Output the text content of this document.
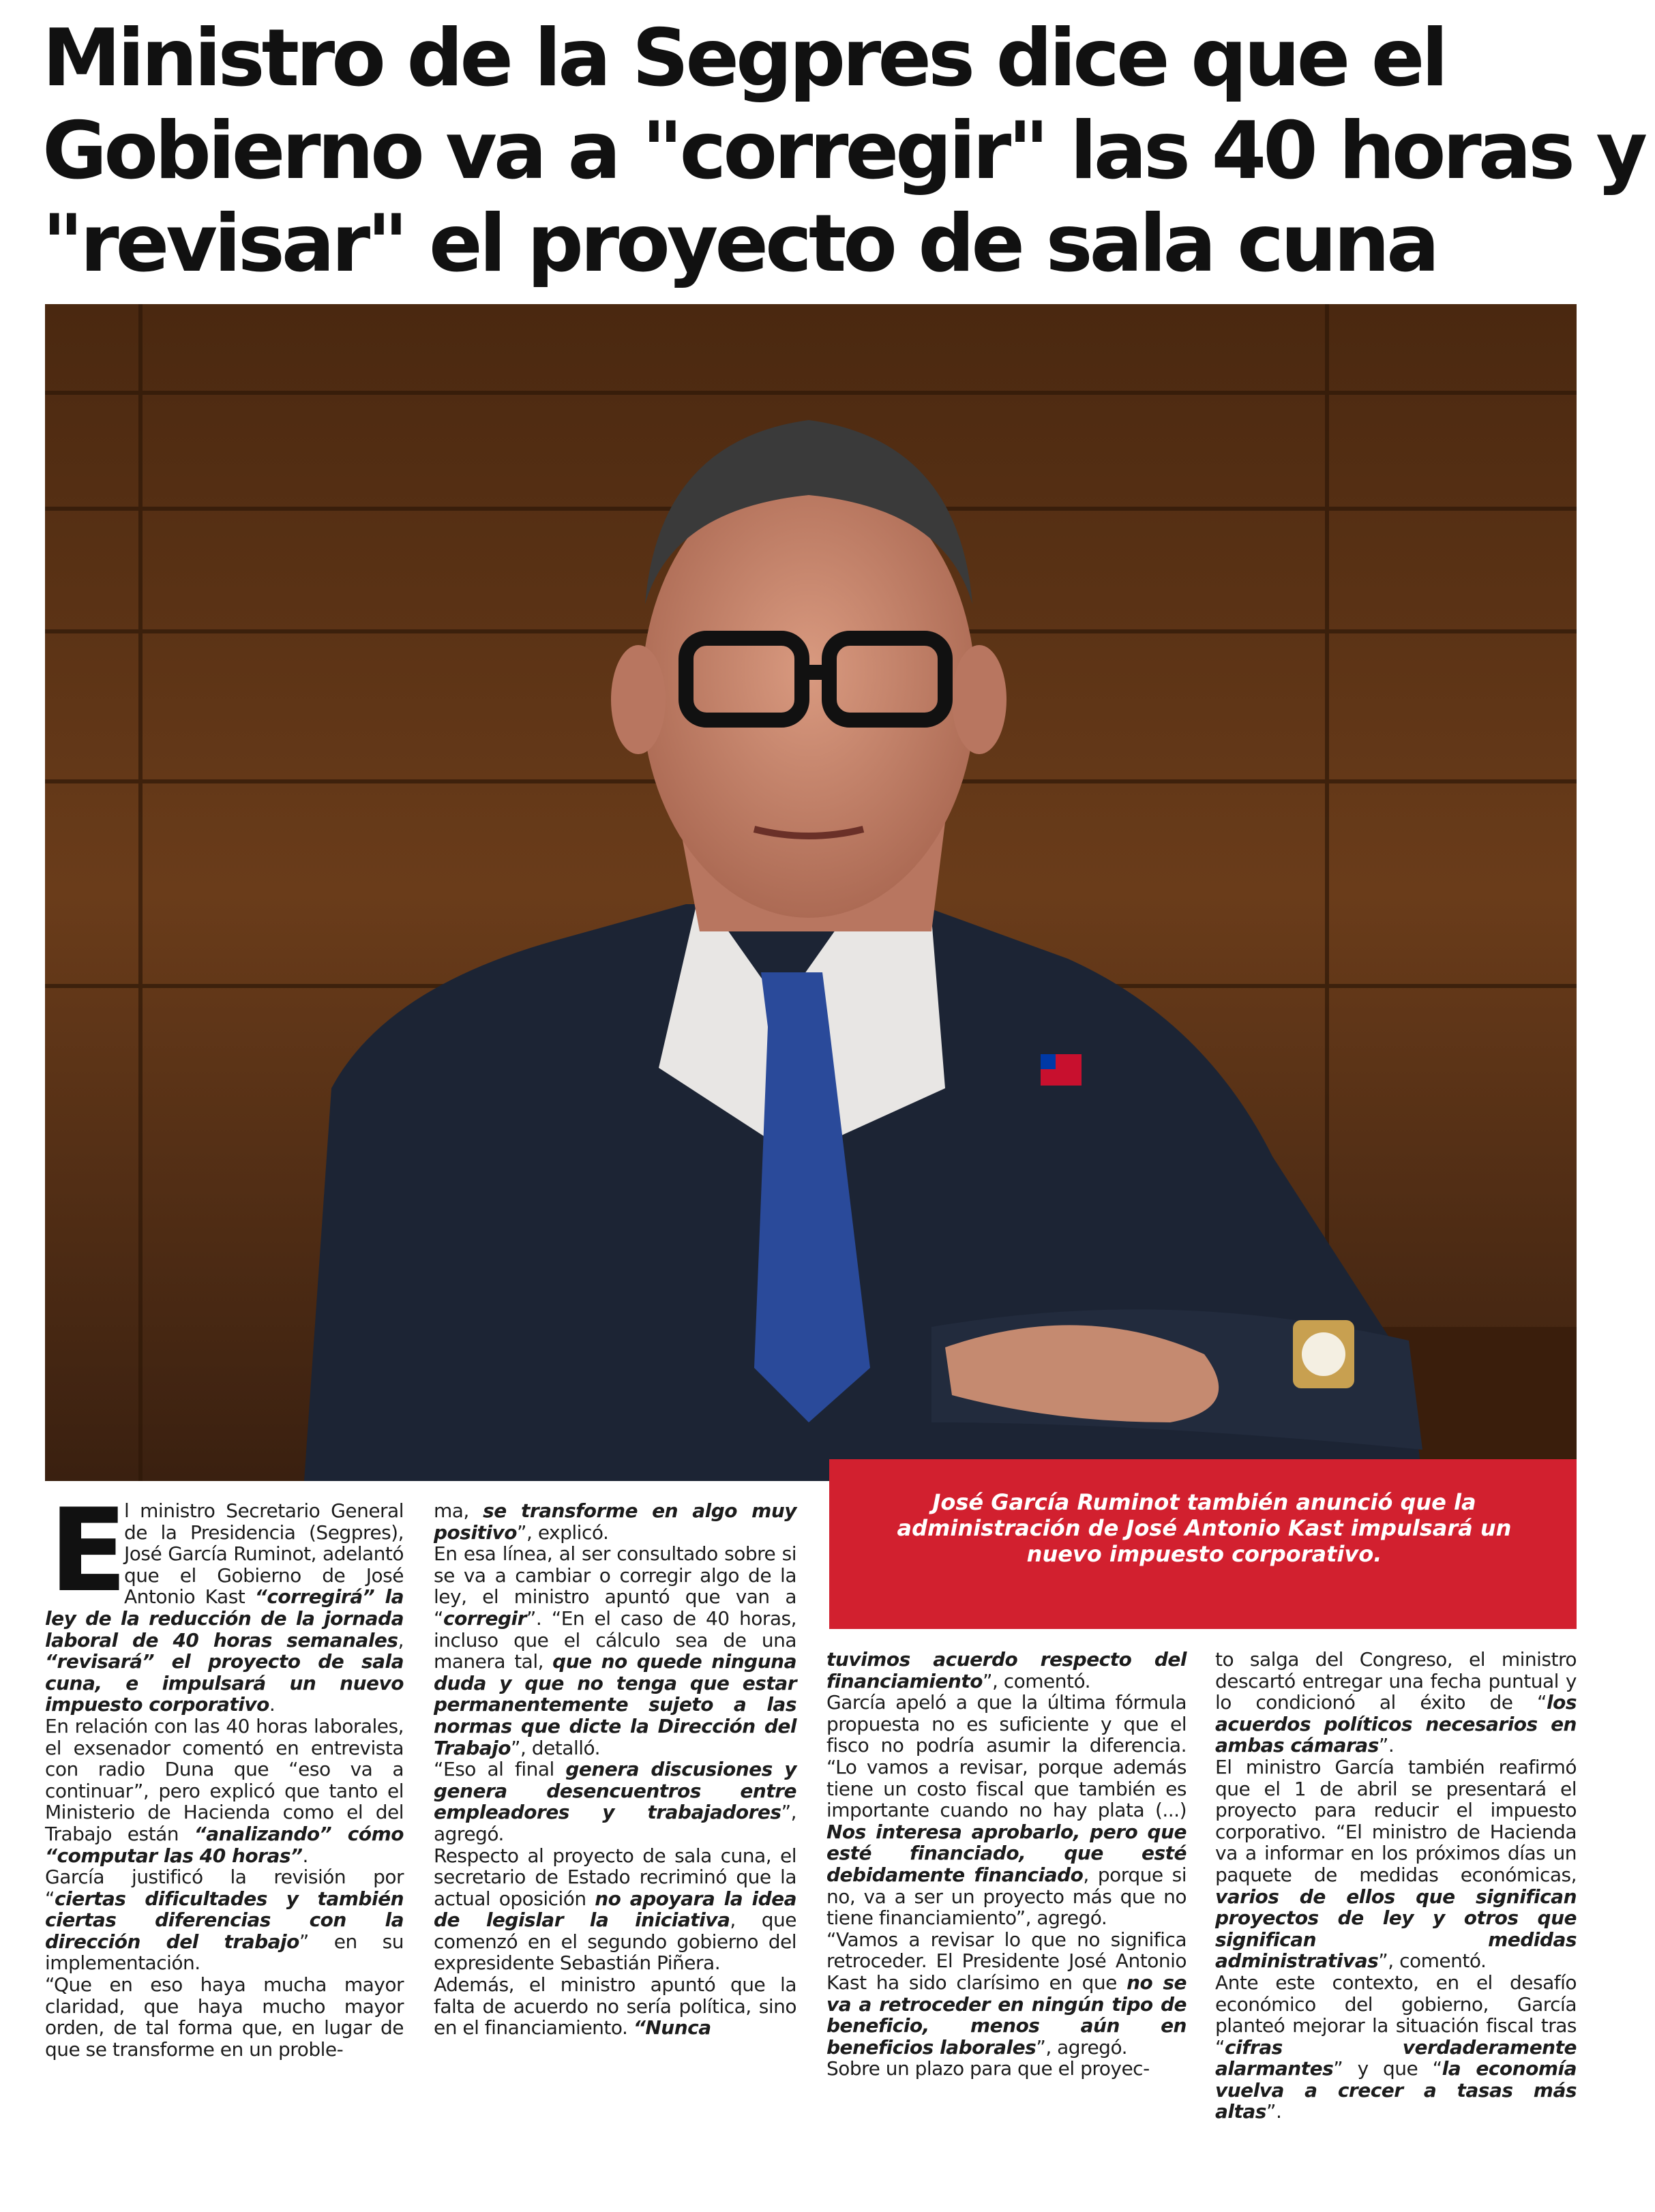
Ministro de la Segpres dice que el
Gobierno va a "corregir" las 40 horas y
"revisar" el proyecto de sala cuna
José García Ruminot también anunció que la administración de José Antonio Kast impulsará un nuevo impuesto corporativo.
E

l ministro Secretario General de la Presidencia (Segpres), José García Ruminot, adelantó que el Gobierno de José Antonio Kast “corregirá” la ley de la reducción de la jornada laboral de 40 horas semanales, “revisará” el proyecto de sala cuna, e impulsará un nuevo impuesto corporativo.

En relación con las 40 horas laborales, el exsenador comentó en entrevista con radio Duna que “eso va a continuar”, pero explicó que tanto el Ministerio de Hacienda como el del Trabajo están “analizando” cómo “computar las 40 horas”.

García justificó la revisión por “ciertas dificultades y también ciertas diferencias con la dirección del trabajo” en su implementación.

“Que en eso haya mucha mayor claridad, que haya mucho mayor orden, de tal forma que, en lugar de que se transforme en un proble-

ma, se transforme en algo muy positivo”, explicó.

En esa línea, al ser consultado sobre si se va a cambiar o corregir algo de la ley, el ministro apuntó que van a “corregir”. “En el caso de 40 horas, incluso que el cálculo sea de una manera tal, que no quede ninguna duda y que no tenga que estar permanentemente sujeto a las normas que dicte la Dirección del Trabajo”, detalló.

“Eso al final genera discusiones y genera desencuentros entre empleadores y trabajadores”, agregó.

Respecto al proyecto de sala cuna, el secretario de Estado recriminó que la actual oposición no apoyara la idea de legislar la iniciativa, que comenzó en el segundo gobierno del expresidente Sebastián Piñera.

Además, el ministro apuntó que la falta de acuerdo no sería política, sino en el financiamiento. “Nunca

tuvimos acuerdo respecto del financiamiento”, comentó.

García apeló a que la última fórmula propuesta no es suficiente y que el fisco no podría asumir la diferencia. “Lo vamos a revisar, porque además tiene un costo fiscal que también es importante cuando no hay plata (...) Nos interesa aprobarlo, pero que esté financiado, que esté debidamente financiado, porque si no, va a ser un proyecto más que no tiene financiamiento”, agregó.

“Vamos a revisar lo que no significa retroceder. El Presidente José Antonio Kast ha sido clarísimo en que no se va a retroceder en ningún tipo de beneficio, menos aún en beneficios laborales”, agregó.

Sobre un plazo para que el proyec-

to salga del Congreso, el ministro descartó entregar una fecha puntual y lo condicionó al éxito de “los acuerdos políticos necesarios en ambas cámaras”.

El ministro García también reafirmó que el 1 de abril se presentará el proyecto para reducir el impuesto corporativo. “El ministro de Hacienda va a informar en los próximos días un paquete de medidas económicas, varios de ellos que significan proyectos de ley y otros que significan medidas administrativas”, comentó.

Ante este contexto, en el desafío económico del gobierno, García planteó mejorar la situación fiscal tras “cifras verdaderamente alarmantes” y que “la economía vuelva a crecer a tasas más altas”.
